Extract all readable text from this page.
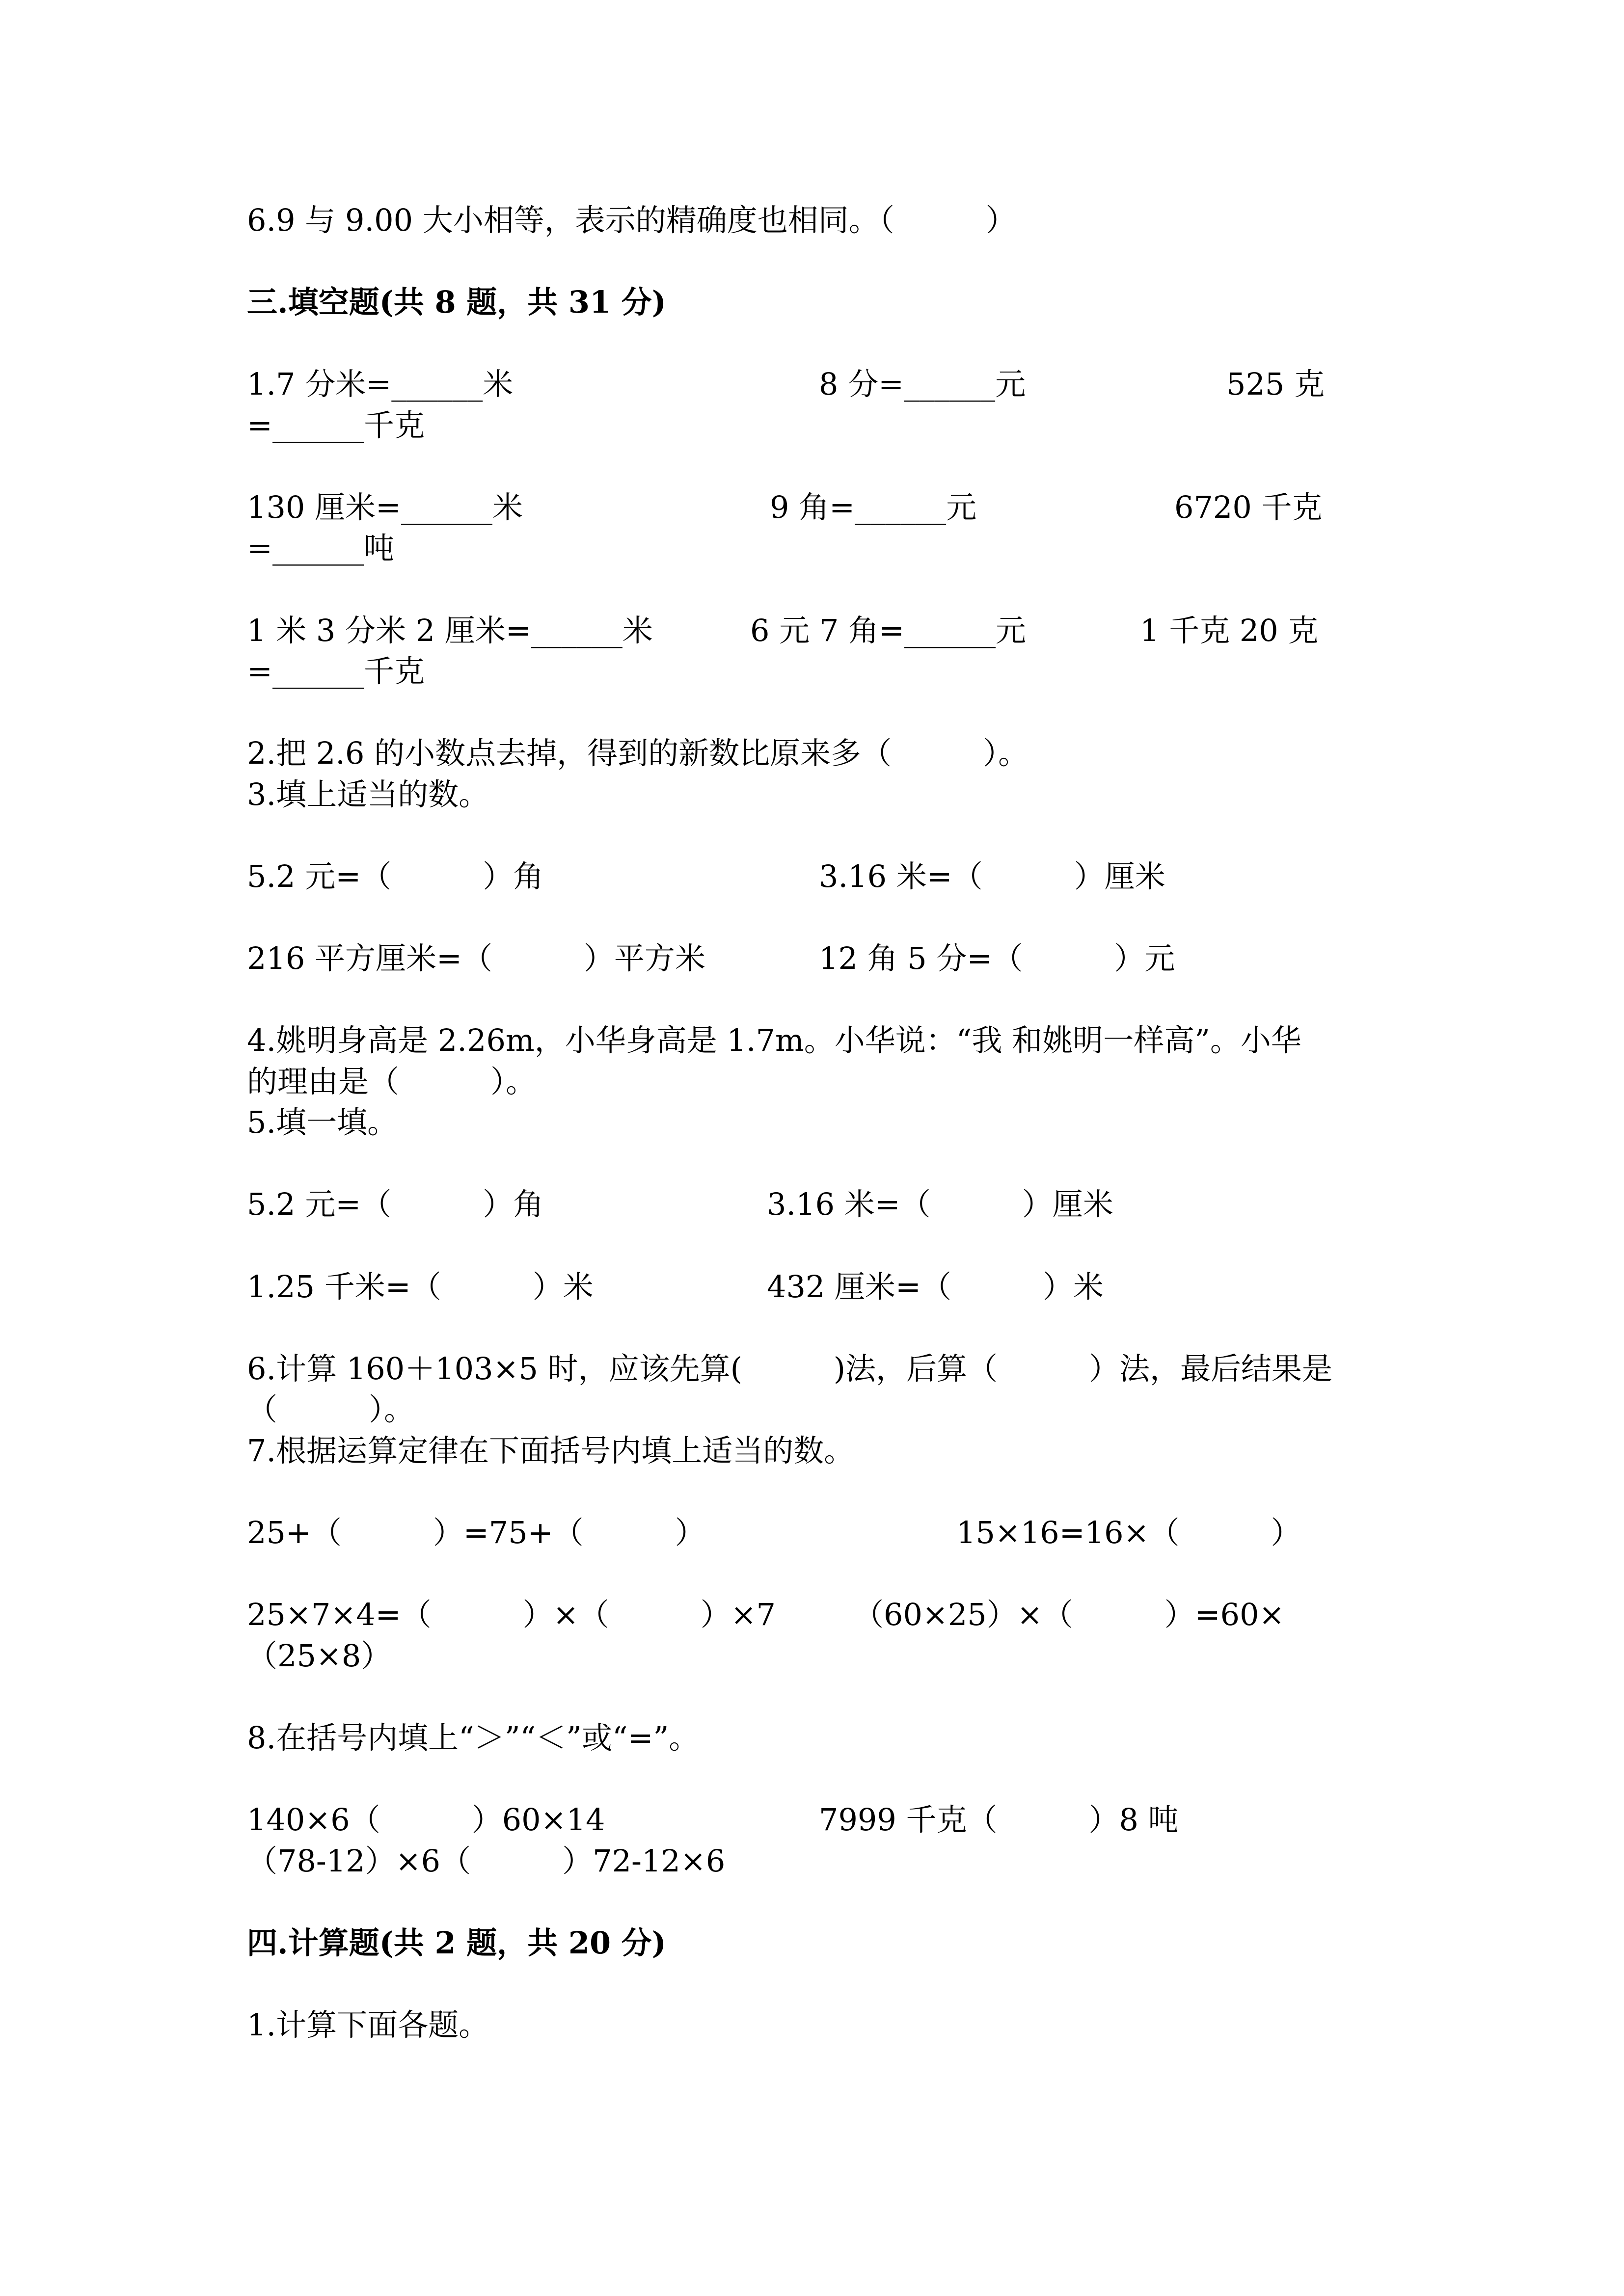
6.9 与 9.00 大小相等，表示的精确度也相同。（　　　）
三.填空题(共 8 题，共 31 分)
1.7 分米=______米	8 分=______元	525 克
=______千克
130 厘米=______米	9 角=______元	6720 千克
=______吨
1 米 3 分米 2 厘米=______米	6 元 7 角=______元	1 千克 20 克
=______千克
2.把 2.6 的小数点去掉，得到的新数比原来多（　　　）。
3.填上适当的数。
5.2 元=（　　　）角	3.16 米=（　　　）厘米
216 平方厘米=（　　　）平方米	12 角 5 分=（　　　）元
4.姚明身高是 2.26m，小华身高是 1.7m。小华说：“我 和姚明一样高”。小华
的理由是（　　　）。
5.填一填。
5.2 元=（　　　）角	3.16 米=（　　　）厘米
1.25 千米=（　　　）米	432 厘米=（　　　）米
6.计算 160＋103×5 时，应该先算(　　　)法，后算（　　　）法，最后结果是
（　　　）。
7.根据运算定律在下面括号内填上适当的数。
25+（　　　）=75+（　　　）	15×16=16×（　　　）
25×7×4=（　　　）×（　　　）×7	（60×25）×（　　　）=60×
（25×8）
8.在括号内填上“＞”“＜”或“=”。
140×6（　　　）60×14	7999 千克（　　　）8 吨
（78-12）×6（　　　）72-12×6
四.计算题(共 2 题，共 20 分)
1.计算下面各题。
